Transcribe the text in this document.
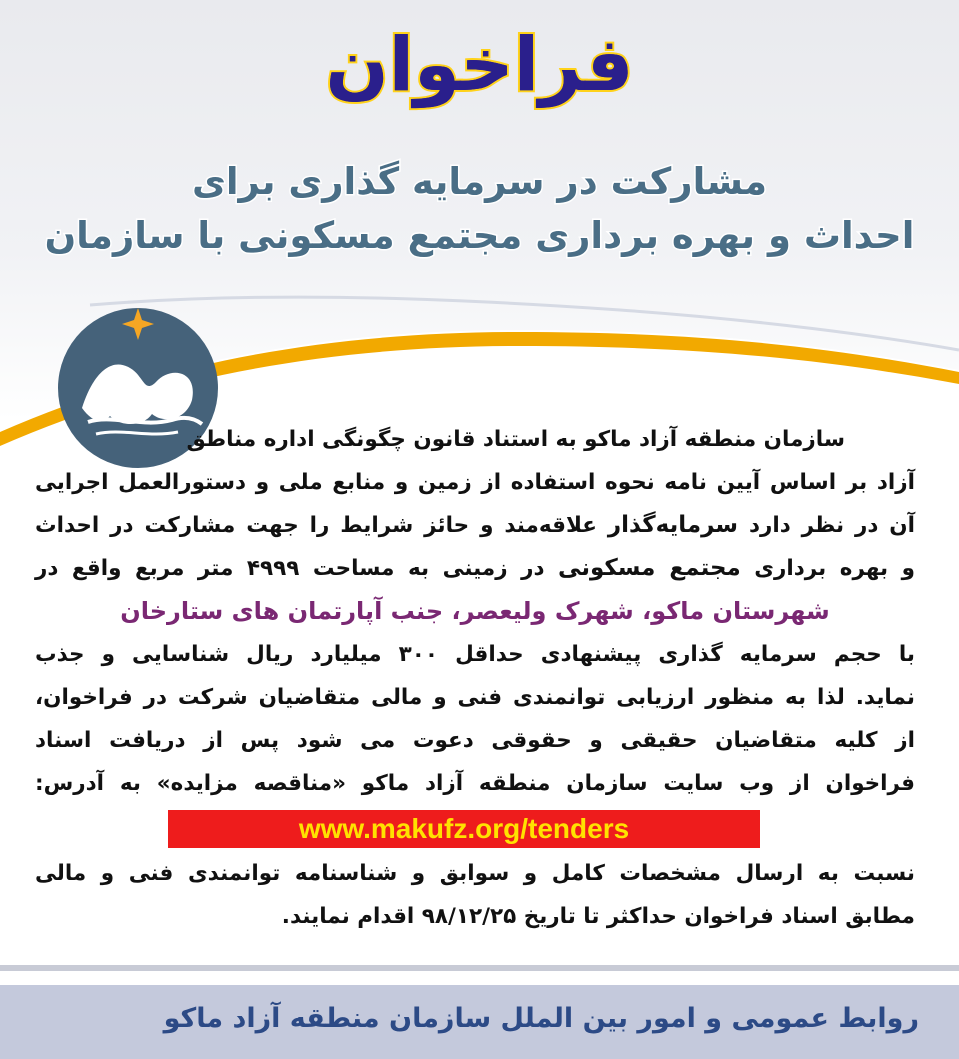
فراخوان
مشارکت در سرمایه گذاری برای
احداث و بهره برداری مجتمع مسکونی با سازمان

سازمان منطقه آزاد ماکو به استناد قانون چگونگی اداره مناطق

آزاد بر اساس آیین نامه نحوه استفاده از زمین و منابع ملی و دستورالعمل اجرایی

آن در نظر دارد سرمایه‌گذار علاقه‌مند و حائز شرایط را جهت مشارکت در احداث

و بهره برداری مجتمع مسکونی در زمینی به مساحت ۴۹۹۹ متر مربع واقع در

شهرستان ماکو، شهرک ولیعصر، جنب آپارتمان های ستارخان

با حجم سرمایه گذاری پیشنهادی حداقل ۳۰۰ میلیارد ریال شناسایی و جذب

نماید. لذا به منظور ارزیابی توانمندی فنی و مالی متقاضیان شرکت در فراخوان،

از کلیه متقاضیان حقیقی و حقوقی دعوت می شود پس از دریافت اسناد

فراخوان از وب سایت سازمان منطقه آزاد ماکو «مناقصه مزایده» به آدرس:

www.makufz.org/tenders

نسبت به ارسال مشخصات کامل و سوابق و شناسنامه توانمندی فنی و مالی

مطابق اسناد فراخوان حداکثر تا تاریخ ۹۸/۱۲/۲۵ اقدام نمایند.

روابط عمومی و امور بین الملل سازمان منطقه آزاد ماکو
